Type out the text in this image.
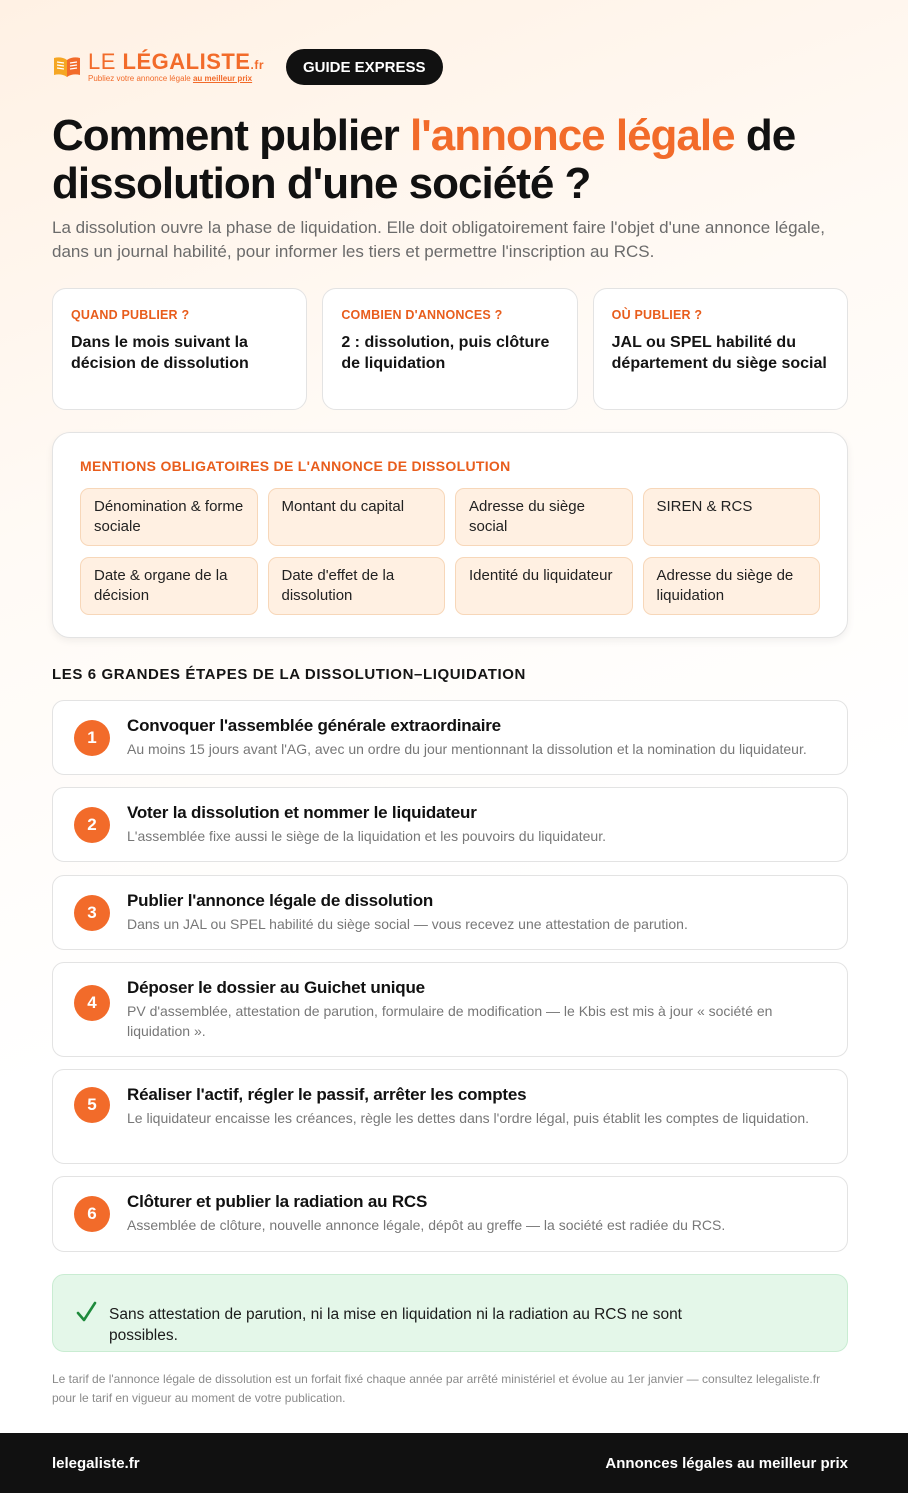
LE LÉGALISTE.fr
Publiez votre annonce légale au meilleur prix
GUIDE EXPRESS
Comment publier l'annonce légale de dissolution d'une société ?

La dissolution ouvre la phase de liquidation. Elle doit obligatoirement faire l'objet d'une annonce légale, dans un journal habilité, pour informer les tiers et permettre l'inscription au RCS.

QUAND PUBLIER ?
Dans le mois suivant la décision de dissolution
COMBIEN D'ANNONCES ?
2 : dissolution, puis clôture de liquidation
OÙ PUBLIER ?
JAL ou SPEL habilité du département du siège social
MENTIONS OBLIGATOIRES DE L'ANNONCE DE DISSOLUTION
Dénomination & forme sociale
Montant du capital	Adresse du siège social
SIREN & RCS
Date & organe de la décision
Date d'effet de la dissolution
Identité du liquidateur	Adresse du siège de liquidation
LES 6 GRANDES ÉTAPES DE LA DISSOLUTION–LIQUIDATION
1
Convoquer l'assemblée générale extraordinaire
Au moins 15 jours avant l'AG, avec un ordre du jour mentionnant la dissolution et la nomination du liquidateur.
2
Voter la dissolution et nommer le liquidateur
L'assemblée fixe aussi le siège de la liquidation et les pouvoirs du liquidateur.
3
Publier l'annonce légale de dissolution
Dans un JAL ou SPEL habilité du siège social — vous recevez une attestation de parution.
4
Déposer le dossier au Guichet unique
PV d'assemblée, attestation de parution, formulaire de modification — le Kbis est mis à jour « société en liquidation ».
5
Réaliser l'actif, régler le passif, arrêter les comptes
Le liquidateur encaisse les créances, règle les dettes dans l'ordre légal, puis établit les comptes de liquidation.
6
Clôturer et publier la radiation au RCS
Assemblée de clôture, nouvelle annonce légale, dépôt au greffe — la société est radiée du RCS.
Sans attestation de parution, ni la mise en liquidation ni la radiation au RCS ne sont possibles.

Le tarif de l'annonce légale de dissolution est un forfait fixé chaque année par arrêté ministériel et évolue au 1er janvier — consultez lelegaliste.fr pour le tarif en vigueur au moment de votre publication.

lelegaliste.fr	Annonces légales au meilleur prix
